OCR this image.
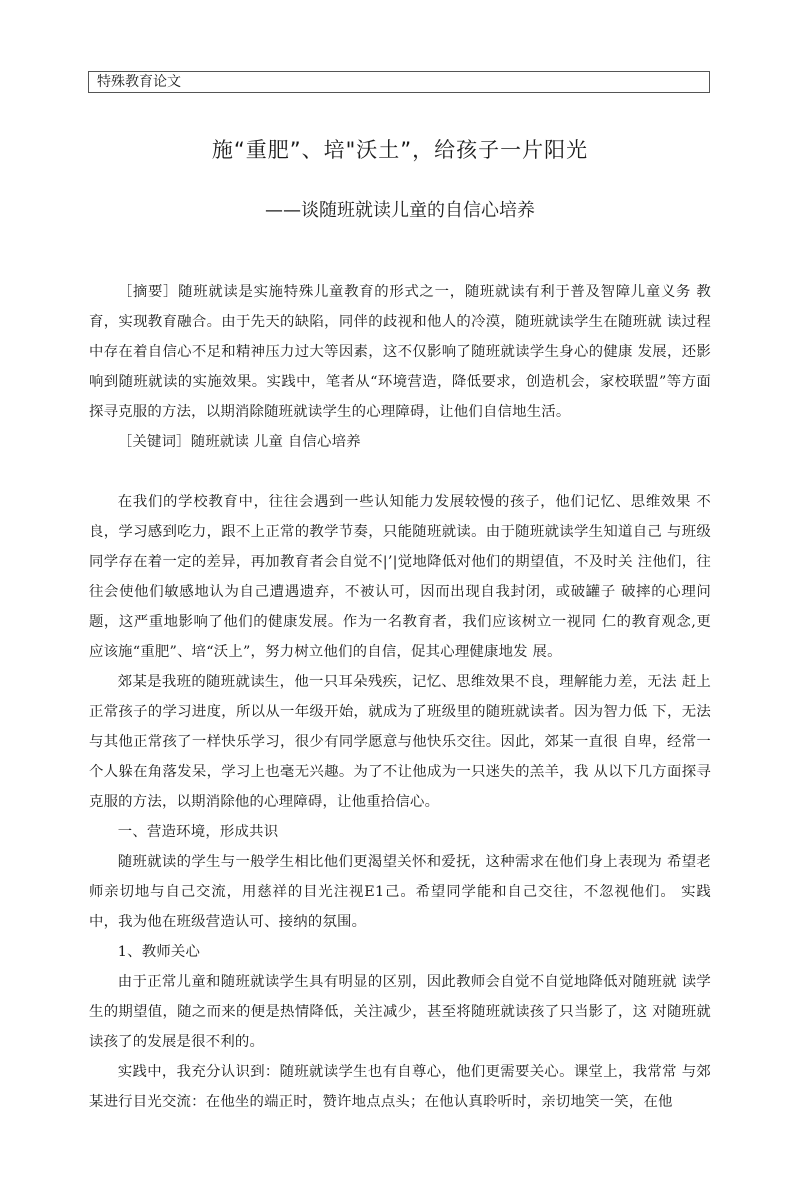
特殊教育论文
施“重肥”、培"沃土”，给孩子一片阳光
——谈随班就读儿童的自信心培养

［摘要］随班就读是实施特殊儿童教育的形式之一，随班就读有利于普及智障儿童义务 教育，实现教育融合。由于先天的缺陷，同伴的歧视和他人的冷漠，随班就读学生在随班就 读过程中存在着自信心不足和精神压力过大等因素，这不仅影响了随班就读学生身心的健康 发展，还影响到随班就读的实施效果。实践中，笔者从“环境营造，降低要求，创造机会，家校联盟”等方面探寻克服的方法，以期消除随班就读学生的心理障碍，让他们自信地生活。

［关键词］随班就读 儿童 自信心培养

在我们的学校教育中，往往会遇到一些认知能力发展较慢的孩子，他们记忆、思维效果 不良，学习感到吃力，跟不上正常的教学节奏，只能随班就读。由于随班就读学生知道自己 与班级同学存在着一定的差异，再加教育者会自觉不|’|觉地降低对他们的期望值，不及时关 注他们，往往会使他们敏感地认为自己遭遇遗弃，不被认可，因而出现自我封闭，或破罐子 破摔的心理问题，这严重地影响了他们的健康发展。作为一名教育者，我们应该树立一视同 仁的教育观念,更应该施“重肥”、培“沃上”，努力树立他们的自信，促其心理健康地发 展。

郊某是我班的随班就读生，他一只耳朵残疾，记忆、思维效果不良，理解能力差，无法 赶上正常孩子的学习进度，所以从一年级开始，就成为了班级里的随班就读者。因为智力低 下，无法与其他正常孩了一样快乐学习，很少有同学愿意与他快乐交往。因此，郊某一直很 自卑，经常一个人躲在角落发呆，学习上也毫无兴趣。为了不让他成为一只迷失的羔羊，我 从以下几方面探寻克服的方法，以期消除他的心理障碍，让他重拾信心。

一、营造环境，形成共识

随班就读的学生与一般学生相比他们更渴望关怀和爱抚，这种需求在他们身上表现为 希望老师亲切地与自己交流，用慈祥的目光注视E1己。希望同学能和自己交往，不忽视他们。 实践中，我为他在班级营造认可、接纳的氛围。

1、教师关心

由于正常儿童和随班就读学生具有明显的区别，因此教师会自觉不自觉地降低对随班就 读学生的期望值，随之而来的便是热情降低，关注减少，甚至将随班就读孩了只当影了，这 对随班就读孩了的发展是很不利的。

实践中，我充分认识到：随班就读学生也有自尊心，他们更需要关心。课堂上，我常常 与郊某进行目光交流：在他坐的端正时，赞许地点点头；在他认真聆听时，亲切地笑一笑，在他
